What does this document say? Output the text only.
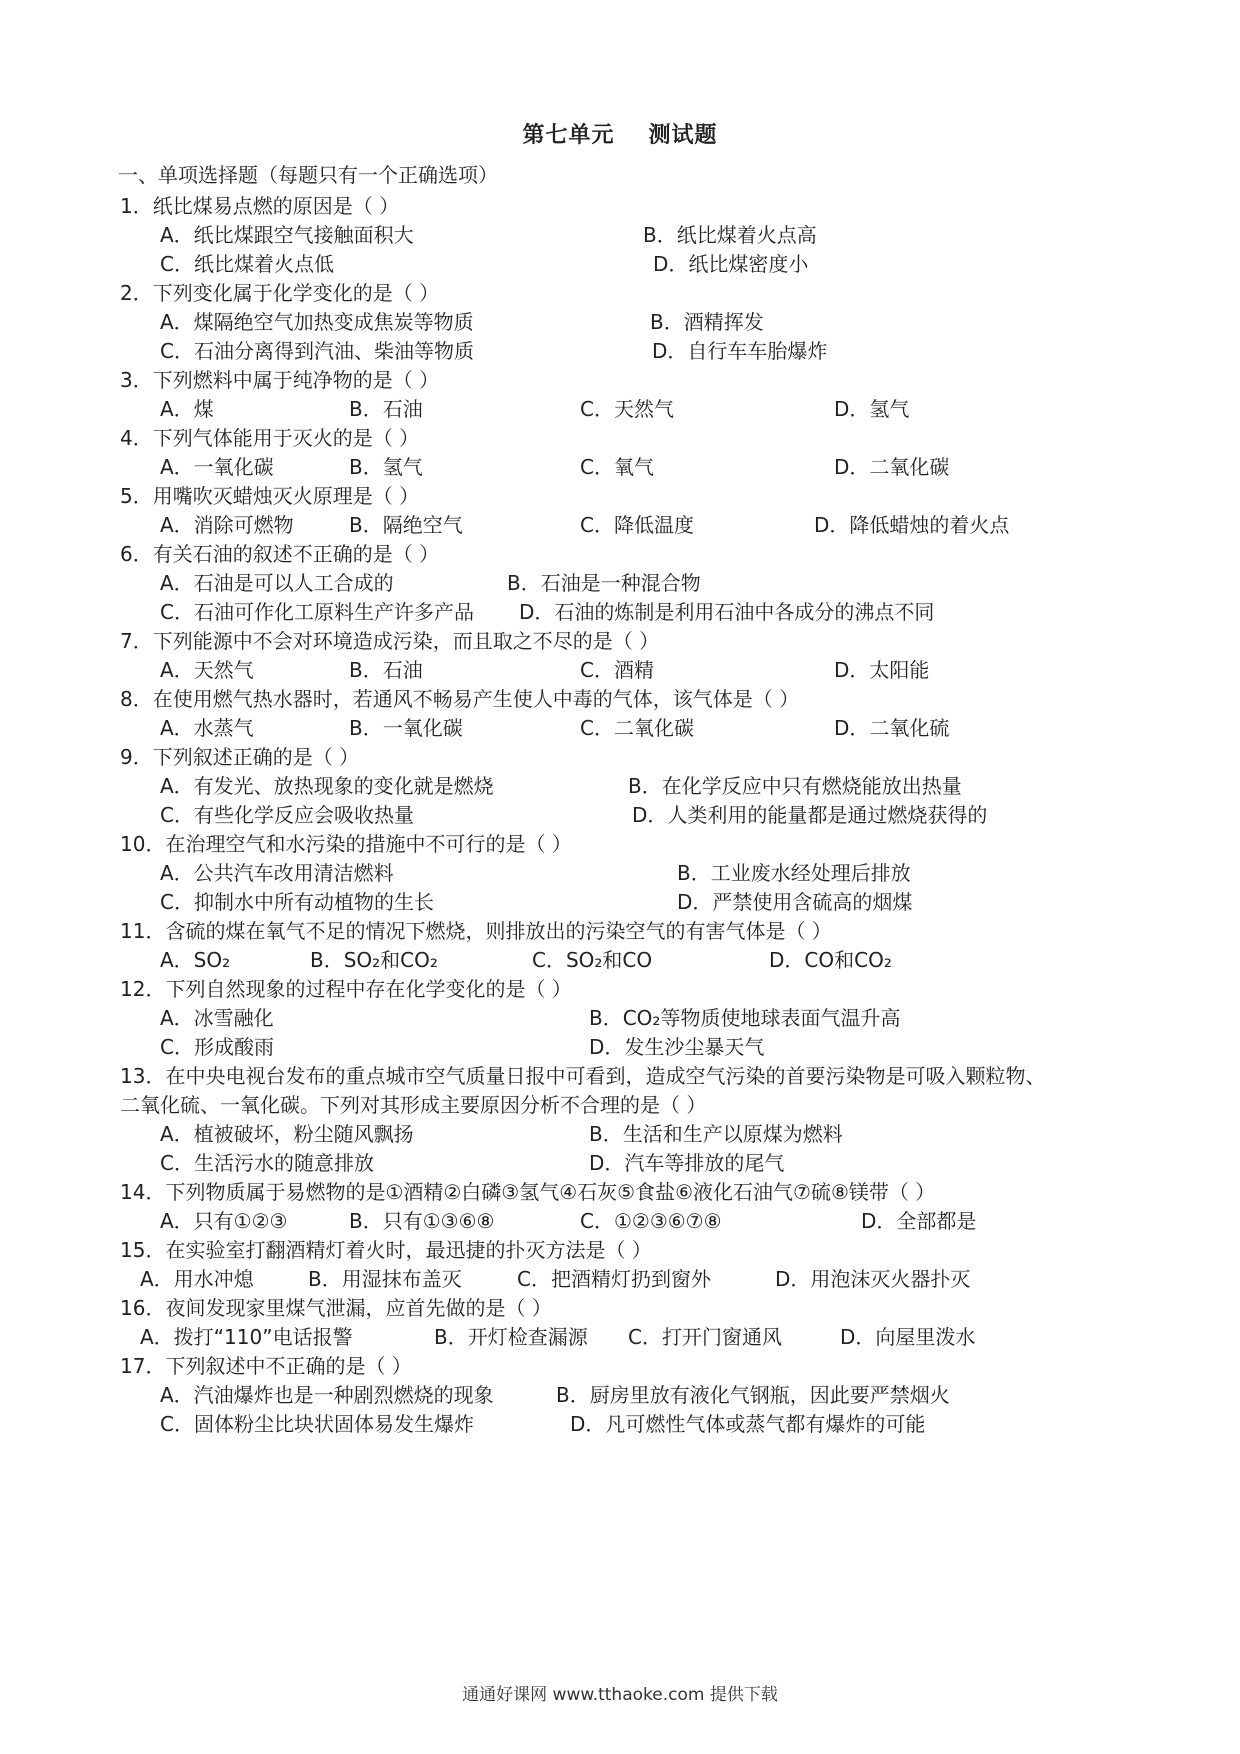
第七单元 测试题
一、单项选择题（每题只有一个正确选项）
1．纸比煤易点燃的原因是（ ）
A．纸比煤跟空气接触面积大	B．纸比煤着火点高
C．纸比煤着火点低	D．纸比煤密度小
2．下列变化属于化学变化的是（ ）
A．煤隔绝空气加热变成焦炭等物质	B．酒精挥发
C．石油分离得到汽油、柴油等物质	D．自行车车胎爆炸
3．下列燃料中属于纯净物的是（ ）
A．煤	B．石油	C．天然气	D．氢气
4．下列气体能用于灭火的是（ ）
A．一氧化碳	B．氢气	C．氧气	D．二氧化碳
5．用嘴吹灭蜡烛灭火原理是（ ）
A．消除可燃物	B．隔绝空气	C．降低温度	D．降低蜡烛的着火点
6．有关石油的叙述不正确的是（ ）
A．石油是可以人工合成的	B．石油是一种混合物
C．石油可作化工原料生产许多产品 D．石油的炼制是利用石油中各成分的沸点不同
7．下列能源中不会对环境造成污染，而且取之不尽的是（ ）
A．天然气	B．石油	C．酒精	D．太阳能
8．在使用燃气热水器时，若通风不畅易产生使人中毒的气体，该气体是（ ）
A．水蒸气	B．一氧化碳	C．二氧化碳	D．二氧化硫
9．下列叙述正确的是（ ）
A．有发光、放热现象的变化就是燃烧	B．在化学反应中只有燃烧能放出热量
C．有些化学反应会吸收热量	D．人类利用的能量都是通过燃烧获得的
10．在治理空气和水污染的措施中不可行的是（ ）
A．公共汽车改用清洁燃料	B．工业废水经处理后排放
C．抑制水中所有动植物的生长	D．严禁使用含硫高的烟煤
11．含硫的煤在氧气不足的情况下燃烧，则排放出的污染空气的有害气体是（ ）
A．SO₂	B．SO₂和CO₂	C．SO₂和CO	D．CO和CO₂
12．下列自然现象的过程中存在化学变化的是（ ）
A．冰雪融化	B．CO₂等物质使地球表面气温升高
C．形成酸雨	D．发生沙尘暴天气
13．在中央电视台发布的重点城市空气质量日报中可看到，造成空气污染的首要污染物是可吸入颗粒物、
二氧化硫、一氧化碳。下列对其形成主要原因分析不合理的是（ ）
A．植被破坏，粉尘随风飘扬	B．生活和生产以原煤为燃料
C．生活污水的随意排放	D．汽车等排放的尾气
14．下列物质属于易燃物的是①酒精②白磷③氢气④石灰⑤食盐⑥液化石油气⑦硫⑧镁带（ ）
A．只有①②③	B．只有①③⑥⑧	C．①②③⑥⑦⑧	D．全部都是
15．在实验室打翻酒精灯着火时，最迅捷的扑灭方法是（ ）
A．用水冲熄	B．用湿抹布盖灭	C．把酒精灯扔到窗外	D．用泡沫灭火器扑灭
16．夜间发现家里煤气泄漏，应首先做的是（ ）
A．拨打“110”电话报警	B．开灯检查漏源 C．打开门窗通风	D．向屋里泼水
17．下列叙述中不正确的是（ ）
A．汽油爆炸也是一种剧烈燃烧的现象	B．厨房里放有液化气钢瓶，因此要严禁烟火
C．固体粉尘比块状固体易发生爆炸	D．凡可燃性气体或蒸气都有爆炸的可能
通通好课网 www.tthaoke.com 提供下载
